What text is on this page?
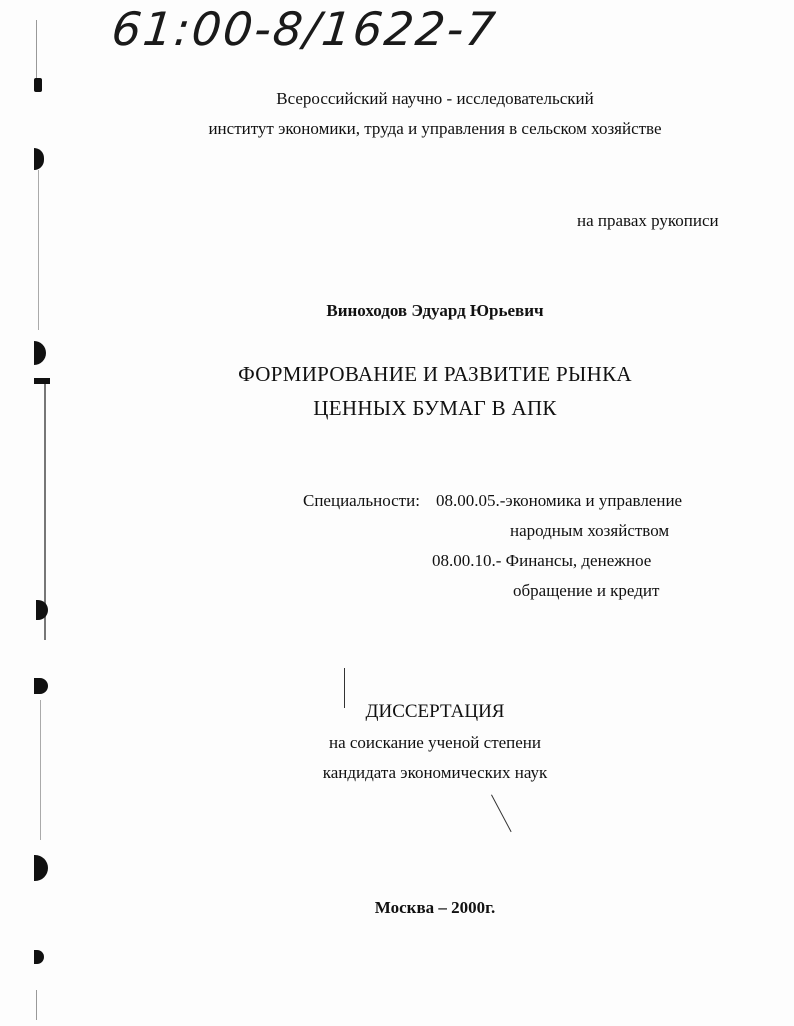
61:00-8/1622-7
Всероссийский научно - исследовательский
институт экономики, труда и управления в сельском хозяйстве
на правах рукописи
Виноходов Эдуард Юрьевич
ФОРМИРОВАНИЕ И РАЗВИТИЕ РЫНКА
ЦЕННЫХ БУМАГ В АПК
Специальности: 08.00.05.-экономика и управление
народным хозяйством
08.00.10.- Финансы, денежное
обращение и кредит
ДИССЕРТАЦИЯ
на соискание ученой степени
кандидата экономических наук
Москва – 2000г.
